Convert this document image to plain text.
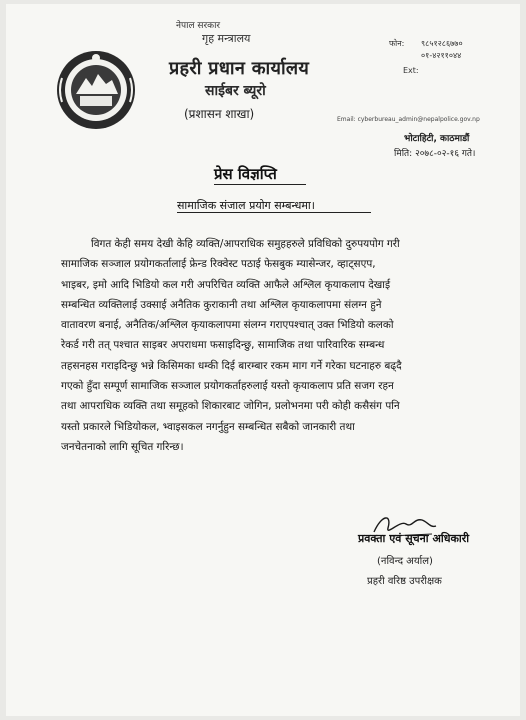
नेपाल सरकार
गृह मन्त्रालय
प्रहरी प्रधान कार्यालय
साईबर ब्यूरो
(प्रशासन शाखा)
फोन: ९८५१२८६७७०
०१-४२११०४४
Ext:
Email: cyberbureau_admin@nepalpolice.gov.np
भोटाहिटी, काठमाडौं
मिति: २०७८-०२-१६ गते।
प्रेस विज्ञप्ति
सामाजिक संजाल प्रयोग सम्बन्धमा।
विगत केही समय देखी केहि व्यक्ति/आपराधिक समुहहरुले प्रविधिको दुरुपयपोग गरी
सामाजिक सञ्जाल प्रयोगकर्तालाई फ्रेन्ड रिक्वेस्ट पठाई फेसबुक म्यासेन्जर, व्हाट्सएप,
भाइबर, इमो आदि भिडियो कल गरी अपरिचित व्यक्ति आफैले अश्लिल कृयाकलाप देखाई
सम्बन्धित व्यक्तिलाई उक्साई अनैतिक कुराकानी तथा अश्लिल कृयाकलापमा संलग्न हुने
वातावरण बनाई, अनैतिक/अश्लिल कृयाकलापमा संलग्न गराएपश्चात् उक्त भिडियो कलको
रेकर्ड गरी तत् पश्चात साइबर अपराधमा फसाइदिन्छु, सामाजिक तथा पारिवारिक सम्बन्ध
तहसनहस गराइदिन्छु भन्ने किसिमका धम्की दिई बारम्बार रकम माग गर्ने गरेका घटनाहरु बढ्दै
गएको हुँदा सम्पूर्ण सामाजिक सञ्जाल प्रयोगकर्ताहरुलाई यस्तो कृयाकलाप प्रति सजग रहन
तथा आपराधिक व्यक्ति तथा समूहको शिकारबाट जोगिन, प्रलोभनमा परी कोही कसैसंग पनि
यस्तो प्रकारले भिडियोकल, भ्वाइसकल नगर्नुहुन सम्बन्धित सबैको जानकारी तथा
जनचेतनाको लागि सूचित गरिन्छ।
प्रवक्ता एवं सूचना अधिकारी
(नविन्द अर्याल)
प्रहरी वरिष्ठ उपरीक्षक
